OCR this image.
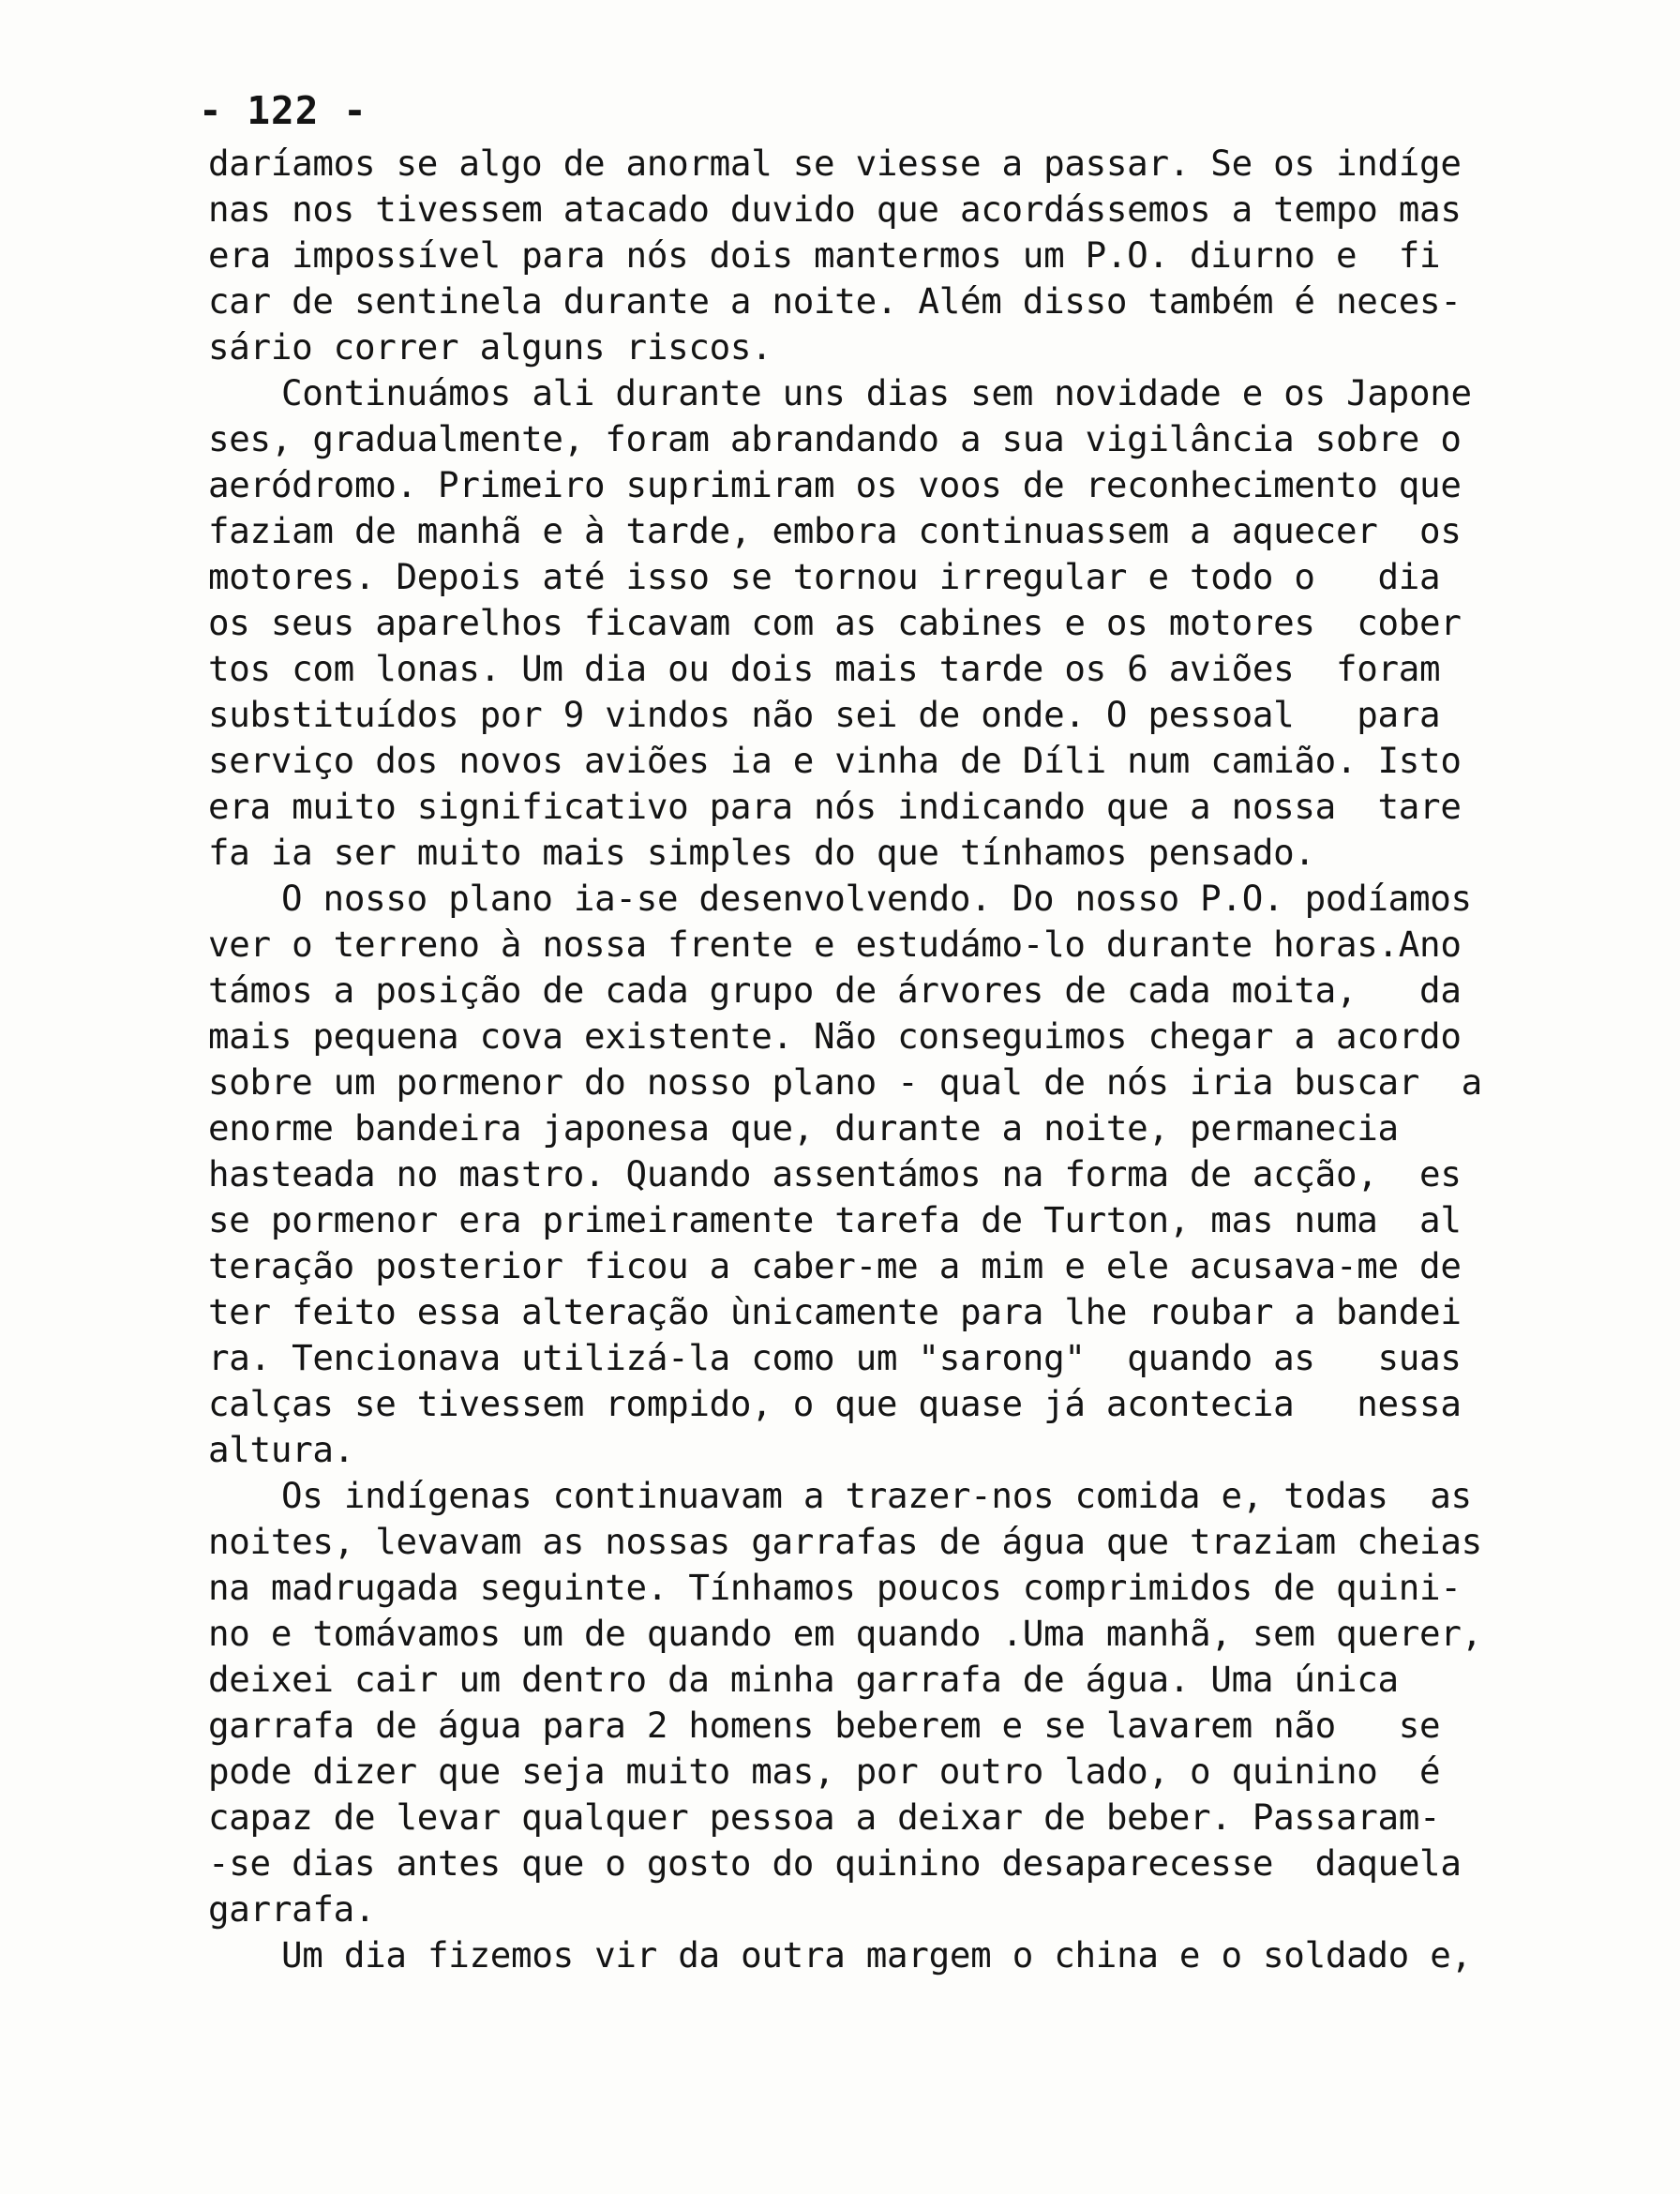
- 122 -
daríamos se algo de anormal se viesse a passar. Se os indíge
nas nos tivessem atacado duvido que acordássemos a tempo mas
era impossível para nós dois mantermos um P.O. diurno e  fi
car de sentinela durante a noite. Além disso também é neces-
sário correr alguns riscos.
Continuámos ali durante uns dias sem novidade e os Japone
ses, gradualmente, foram abrandando a sua vigilância sobre o
aeródromo. Primeiro suprimiram os voos de reconhecimento que
faziam de manhã e à tarde, embora continuassem a aquecer  os
motores. Depois até isso se tornou irregular e todo o   dia
os seus aparelhos ficavam com as cabines e os motores  cober
tos com lonas. Um dia ou dois mais tarde os 6 aviões  foram
substituídos por 9 vindos não sei de onde. O pessoal   para
serviço dos novos aviões ia e vinha de Díli num camião. Isto
era muito significativo para nós indicando que a nossa  tare
fa ia ser muito mais simples do que tínhamos pensado.
O nosso plano ia-se desenvolvendo. Do nosso P.O. podíamos
ver o terreno à nossa frente e estudámo-lo durante horas.Ano
támos a posição de cada grupo de árvores de cada moita,   da
mais pequena cova existente. Não conseguimos chegar a acordo
sobre um pormenor do nosso plano - qual de nós iria buscar  a
enorme bandeira japonesa que, durante a noite, permanecia
hasteada no mastro. Quando assentámos na forma de acção,  es
se pormenor era primeiramente tarefa de Turton, mas numa  al
teração posterior ficou a caber-me a mim e ele acusava-me de
ter feito essa alteração ùnicamente para lhe roubar a bandei
ra. Tencionava utilizá-la como um "sarong"  quando as   suas
calças se tivessem rompido, o que quase já acontecia   nessa
altura.
Os indígenas continuavam a trazer-nos comida e, todas  as
noites, levavam as nossas garrafas de água que traziam cheias
na madrugada seguinte. Tínhamos poucos comprimidos de quini-
no e tomávamos um de quando em quando .Uma manhã, sem querer,
deixei cair um dentro da minha garrafa de água. Uma única
garrafa de água para 2 homens beberem e se lavarem não   se
pode dizer que seja muito mas, por outro lado, o quinino  é
capaz de levar qualquer pessoa a deixar de beber. Passaram-
-se dias antes que o gosto do quinino desaparecesse  daquela
garrafa.
Um dia fizemos vir da outra margem o china e o soldado e,
